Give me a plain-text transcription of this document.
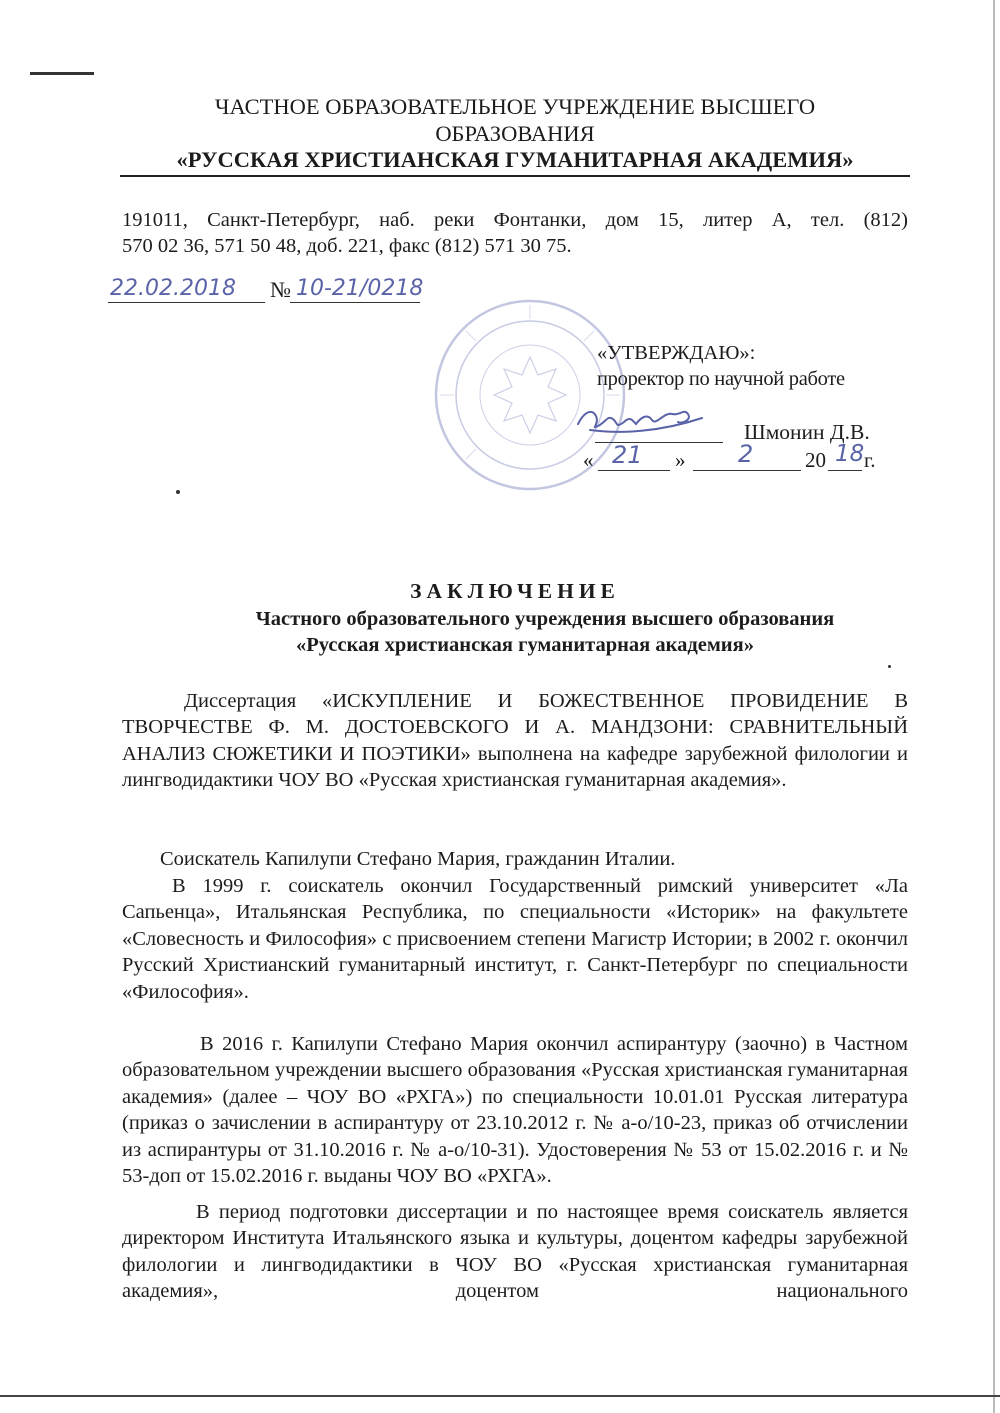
ЧАСТНОЕ ОБРАЗОВАТЕЛЬНОЕ УЧРЕЖДЕНИЕ ВЫСШЕГО
ОБРАЗОВАНИЯ
«РУССКАЯ ХРИСТИАНСКАЯ ГУМАНИТАРНАЯ АКАДЕМИЯ»
191011, Санкт-Петербург, наб. реки Фонтанки, дом 15, литер А, тел. (812)
570 02 36, 571 50 48, доб. 221, факс (812) 571 30 75.
22.02.2018 № 10-21/0218
«УТВЕРЖДАЮ»:
проректор по научной работе
Шмонин Д.В.
« 21 » 2 20 18 г.
ЗАКЛЮЧЕНИЕ
Частного образовательного учреждения высшего образования
«Русская христианская гуманитарная академия»
Диссертация «ИСКУПЛЕНИЕ И БОЖЕСТВЕННОЕ ПРОВИДЕНИЕ В ТВОРЧЕСТВЕ Ф. М. ДОСТОЕВСКОГО И А. МАНДЗОНИ: СРАВНИТЕЛЬНЫЙ АНАЛИЗ СЮЖЕТИКИ И ПОЭТИКИ» выполнена на кафедре зарубежной филологии и лингводидактики ЧОУ ВО «Русская христианская гуманитарная академия».
Соискатель Капилупи Стефано Мария, гражданин Италии.
В 1999 г. соискатель окончил Государственный римский университет «Ла Сапьенца», Итальянская Республика, по специальности «Историк» на факультете «Словесность и Философия» с присвоением степени Магистр Истории; в 2002 г. окончил Русский Христианский гуманитарный институт, г. Санкт-Петербург по специальности «Философия».
В 2016 г. Капилупи Стефано Мария окончил аспирантуру (заочно) в Частном образовательном учреждении высшего образования «Русская христианская гуманитарная академия» (далее – ЧОУ ВО «РХГА») по специальности 10.01.01 Русская литература (приказ о зачислении в аспирантуру от 23.10.2012 г. № а-о/10-23, приказ об отчислении из аспирантуры от 31.10.2016 г. № а-о/10-31). Удостоверения № 53 от 15.02.2016 г. и № 53-доп от 15.02.2016 г. выданы ЧОУ ВО «РХГА».
В период подготовки диссертации и по настоящее время соискатель является директором Института Итальянского языка и культуры, доцентом кафедры зарубежной филологии и лингводидактики в ЧОУ ВО «Русская христианская гуманитарная академия», доцентом национального
